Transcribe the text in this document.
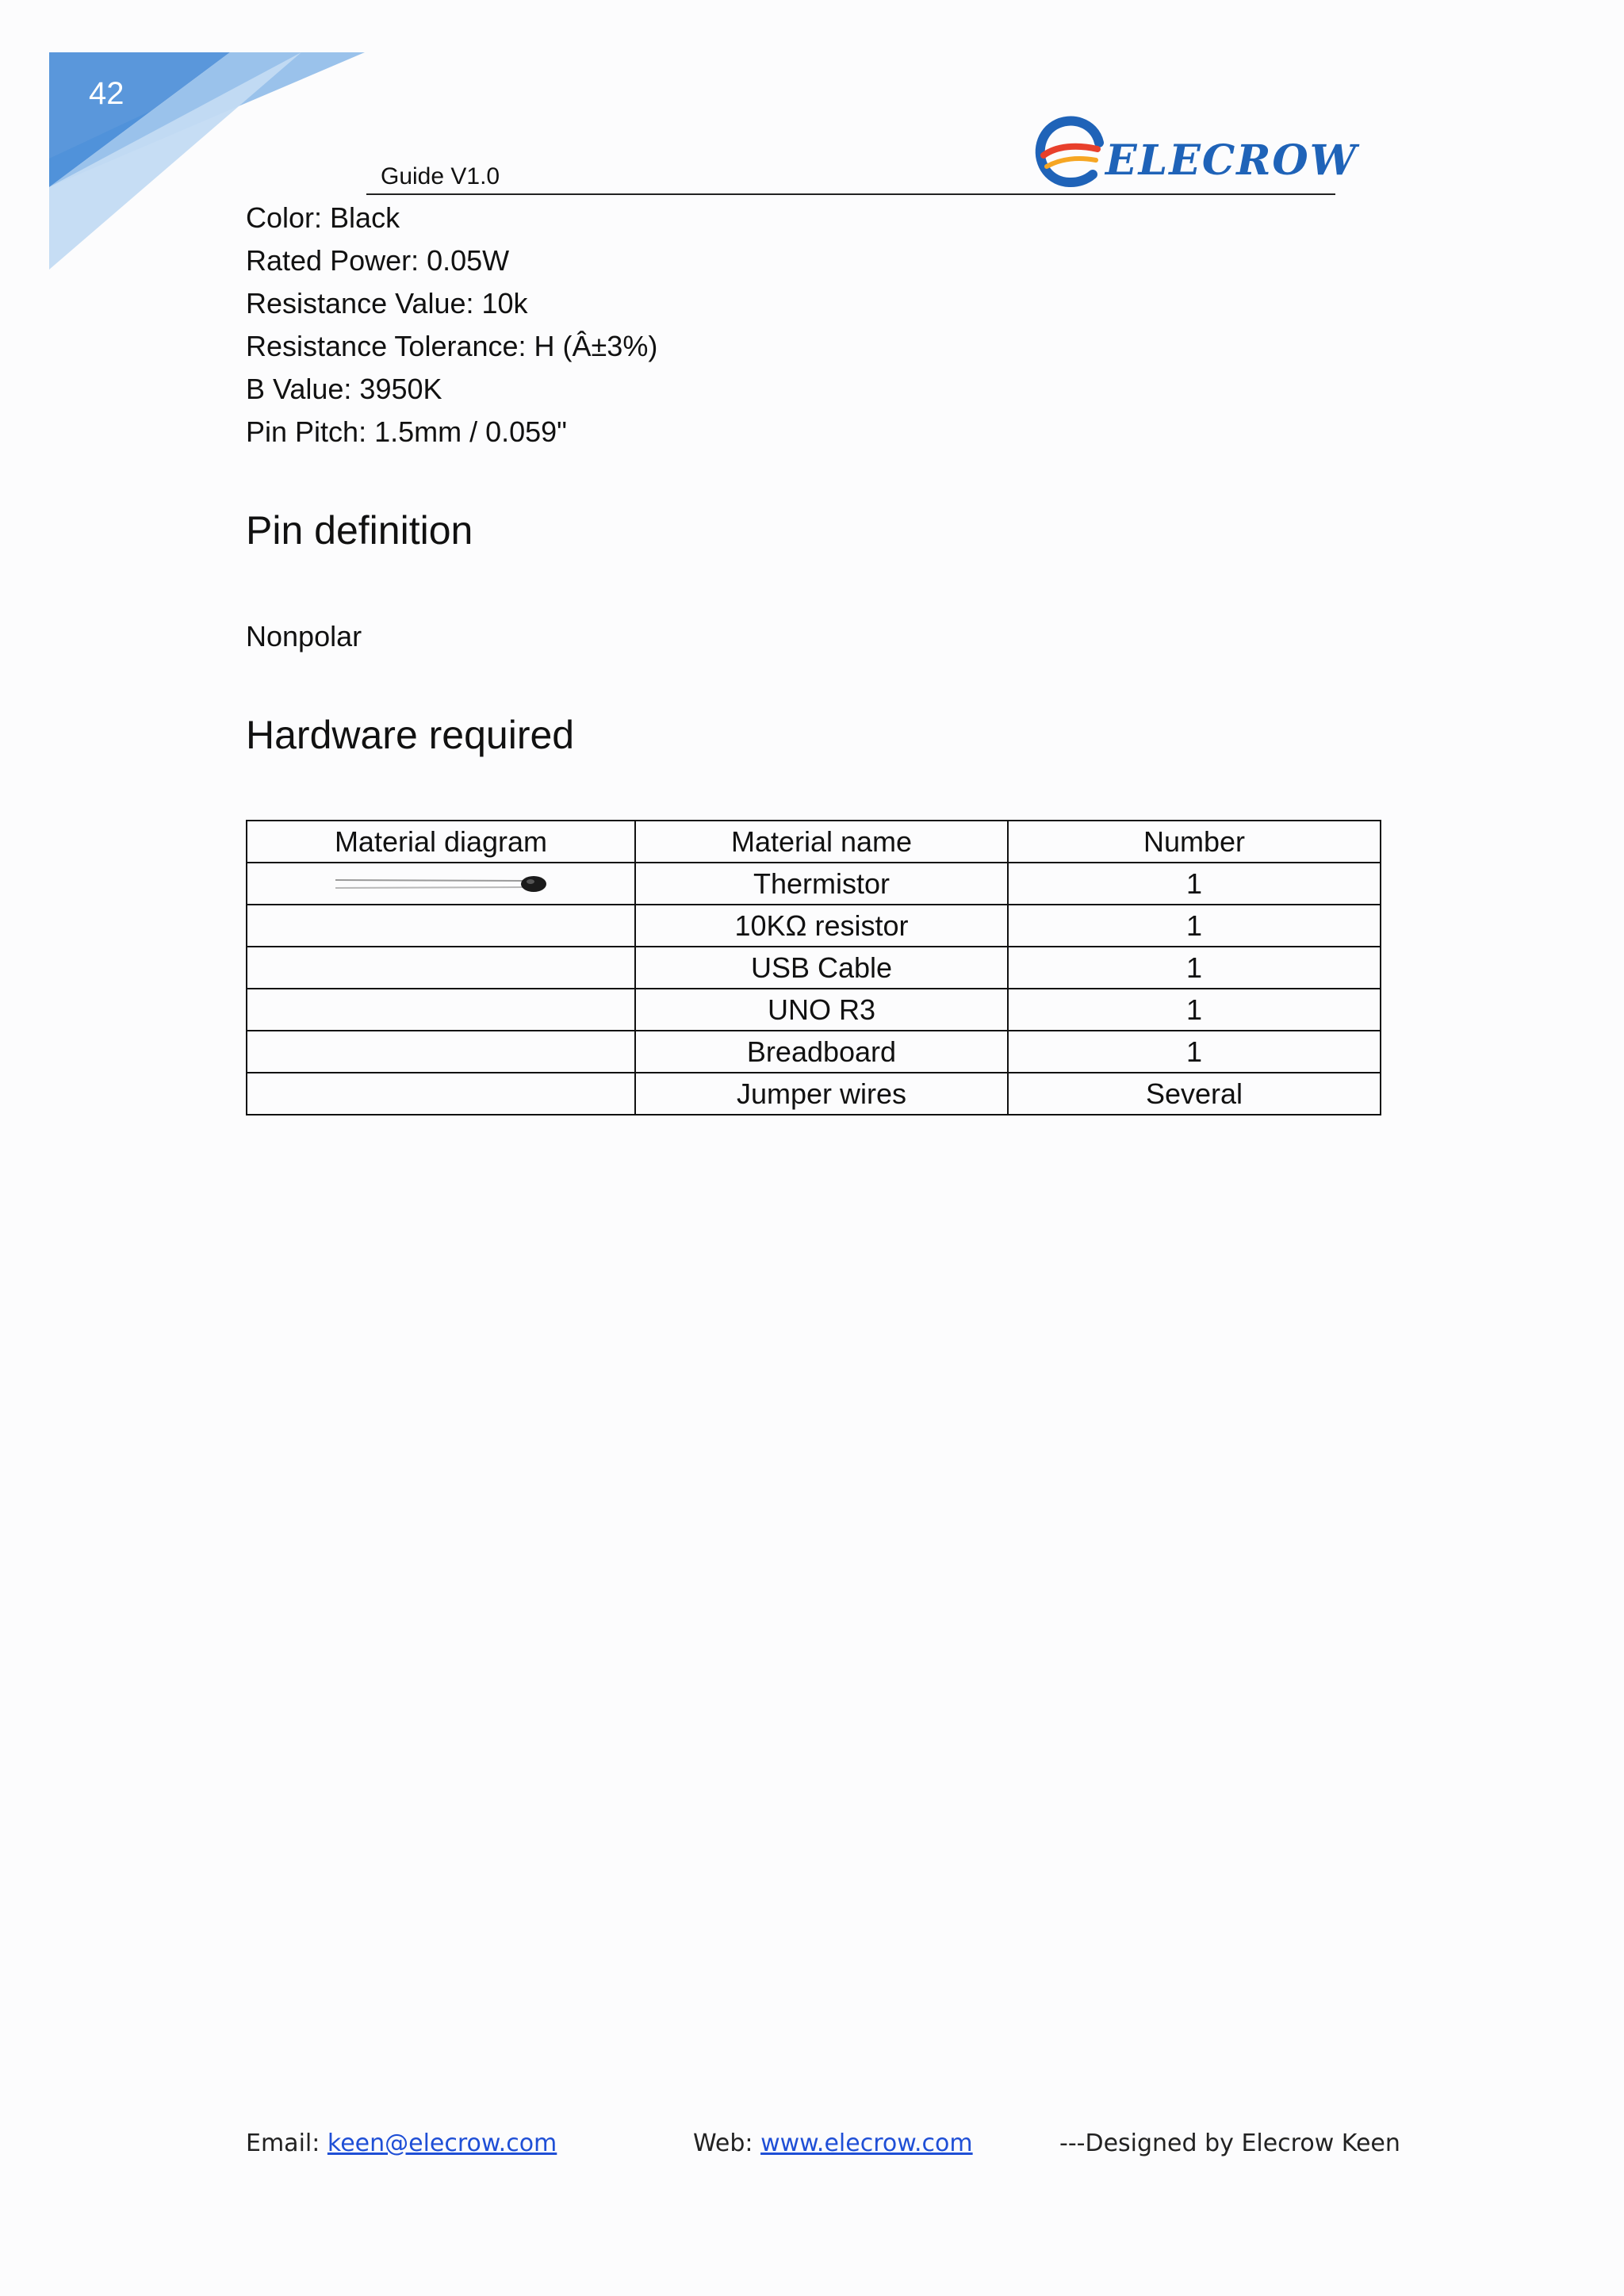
42
Guide V1.0	ELECROW
Color: Black
Rated Power: 0.05W
Resistance Value: 10k
Resistance Tolerance: H (Â±3%)
B Value: 3950K
Pin Pitch: 1.5mm / 0.059"
Pin definition
Nonpolar
Hardware required
Material diagram	Material name	Number

	Thermistor	1
	10KΩ resistor	1
	USB Cable	1
	UNO R3	1
	Breadboard	1
	Jumper wires	Several
Email: keen@elecrow.com	Web: www.elecrow.com	---Designed by Elecrow Keen
